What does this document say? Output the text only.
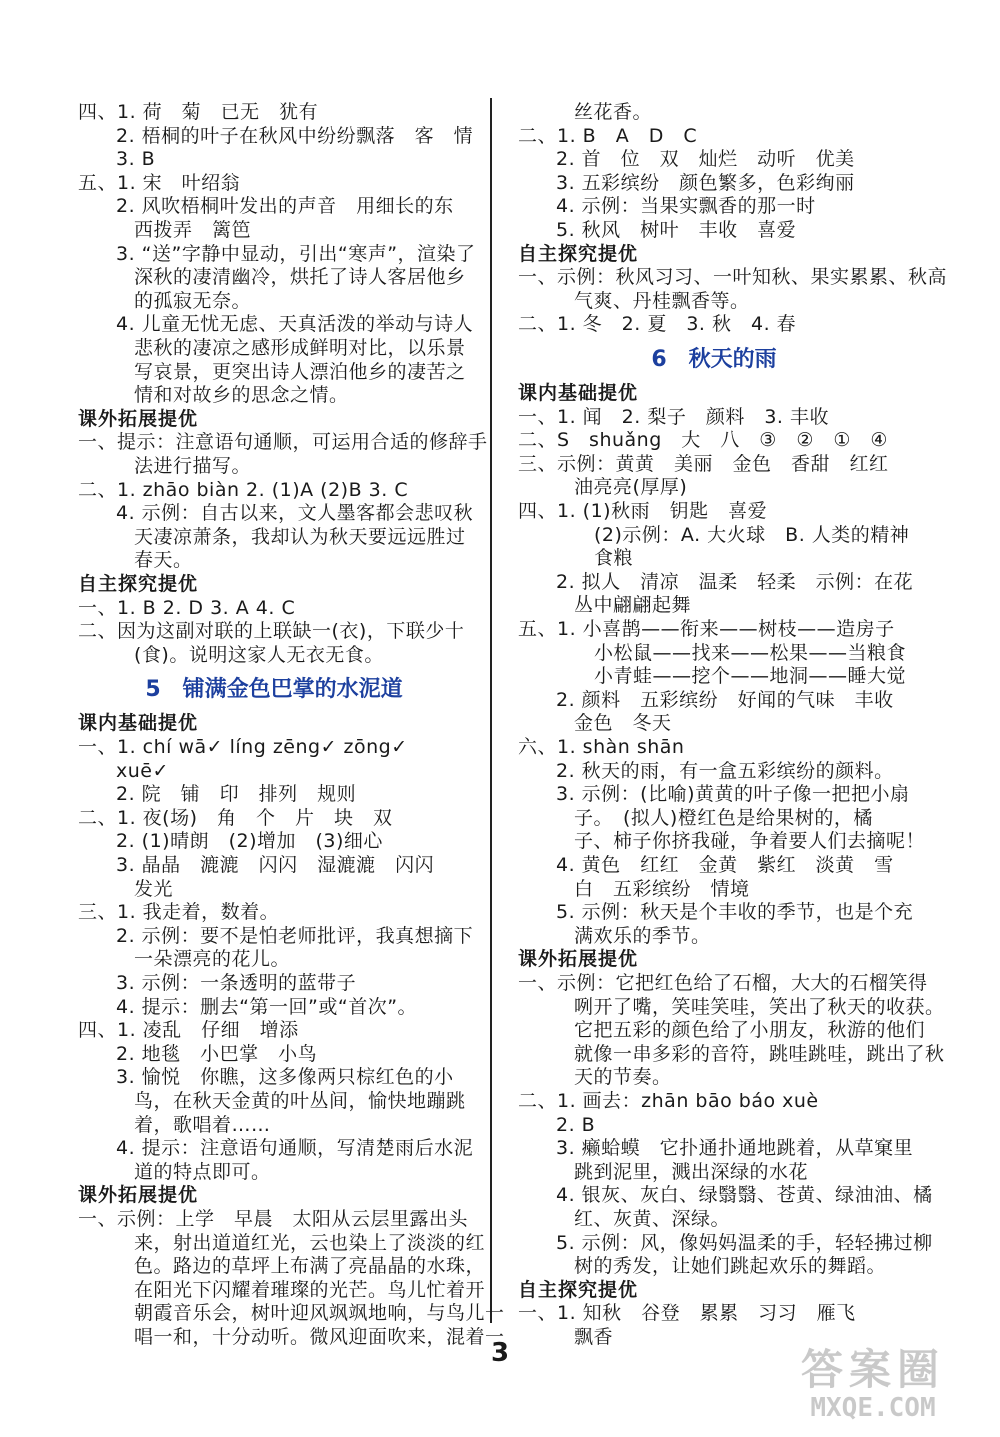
四、1. 荷　菊　已无　犹有
2. 梧桐的叶子在秋风中纷纷飘落　客　情
3. B
五、1. 宋　叶绍翁
2. 风吹梧桐叶发出的声音　用细长的东
西拨弄　篱笆
3. “送”字静中显动，引出“寒声”，渲染了
深秋的凄清幽冷，烘托了诗人客居他乡
的孤寂无奈。
4. 儿童无忧无虑、天真活泼的举动与诗人
悲秋的凄凉之感形成鲜明对比，以乐景
写哀景，更突出诗人漂泊他乡的凄苦之
情和对故乡的思念之情。
课外拓展提优
一、提示：注意语句通顺，可运用合适的修辞手
法进行描写。
二、1. zhāo biàn 2. (1)A (2)B 3. C
4. 示例：自古以来，文人墨客都会悲叹秋
天凄凉萧条，我却认为秋天要远远胜过
春天。
自主探究提优
一、1. B 2. D 3. A 4. C
二、因为这副对联的上联缺一(衣)，下联少十
(食)。说明这家人无衣无食。
5　铺满金色巴掌的水泥道
课内基础提优
一、1. chí wā✓ líng zēng✓ zōng✓
xuē✓
2. 院　铺　印　排列　规则
二、1. 夜(场)　角　个　片　块　双
2. (1)晴朗　(2)增加　(3)细心
3. 晶晶　漉漉　闪闪　湿漉漉　闪闪
发光
三、1. 我走着，数着。
2. 示例：要不是怕老师批评，我真想摘下
一朵漂亮的花儿。
3. 示例：一条透明的蓝带子
4. 提示：删去“第一回”或“首次”。
四、1. 凌乱　仔细　增添
2. 地毯　小巴掌　小鸟
3. 愉悦　你瞧，这多像两只棕红色的小
鸟，在秋天金黄的叶丛间，愉快地蹦跳
着，歌唱着……
4. 提示：注意语句通顺，写清楚雨后水泥
道的特点即可。
课外拓展提优
一、示例：上学　早晨　太阳从云层里露出头
来，射出道道红光，云也染上了淡淡的红
色。路边的草坪上布满了亮晶晶的水珠，
在阳光下闪耀着璀璨的光芒。鸟儿忙着开
朝霞音乐会，树叶迎风飒飒地响，与鸟儿一
唱一和，十分动听。微风迎面吹来，混着一
丝花香。
二、1. B　A　D　C
2. 首　位　双　灿烂　动听　优美
3. 五彩缤纷　颜色繁多，色彩绚丽
4. 示例：当果实飘香的那一时
5. 秋风　树叶　丰收　喜爱
自主探究提优
一、示例：秋风习习、一叶知秋、果实累累、秋高
气爽、丹桂飘香等。
二、1. 冬　2. 夏　3. 秋　4. 春
6　秋天的雨
课内基础提优
一、1. 闻　2. 梨子　颜料　3. 丰收
二、S　shuǎng　大　八　③　②　①　④
三、示例：黄黄　美丽　金色　香甜　红红
油亮亮(厚厚)
四、1. (1)秋雨　钥匙　喜爱
(2)示例：A. 大火球　B. 人类的精神
食粮
2. 拟人　清凉　温柔　轻柔　示例：在花
丛中翩翩起舞
五、1. 小喜鹊——衔来——树枝——造房子
小松鼠——找来——松果——当粮食
小青蛙——挖个——地洞——睡大觉
2. 颜料　五彩缤纷　好闻的气味　丰收
金色　冬天
六、1. shàn shān
2. 秋天的雨，有一盒五彩缤纷的颜料。
3. 示例：(比喻)黄黄的叶子像一把把小扇
子。　(拟人)橙红色是给果树的，橘
子、柿子你挤我碰，争着要人们去摘呢！
4. 黄色　红红　金黄　紫红　淡黄　雪
白　五彩缤纷　情境
5. 示例：秋天是个丰收的季节，也是个充
满欢乐的季节。
课外拓展提优
一、示例：它把红色给了石榴，大大的石榴笑得
咧开了嘴，笑哇笑哇，笑出了秋天的收获。
它把五彩的颜色给了小朋友，秋游的他们
就像一串多彩的音符，跳哇跳哇，跳出了秋
天的节奏。
二、1. 画去：zhān bāo báo xuè
2. B
3. 癞蛤蟆　它扑通扑通地跳着，从草窠里
跳到泥里，溅出深绿的水花
4. 银灰、灰白、绿翳翳、苍黄、绿油油、橘
红、灰黄、深绿。
5. 示例：风，像妈妈温柔的手，轻轻拂过柳
树的秀发，让她们跳起欢乐的舞蹈。
自主探究提优
一、1. 知秋　谷登　累累　习习　雁飞
飘香
3	答案圈
MXQE.COM
